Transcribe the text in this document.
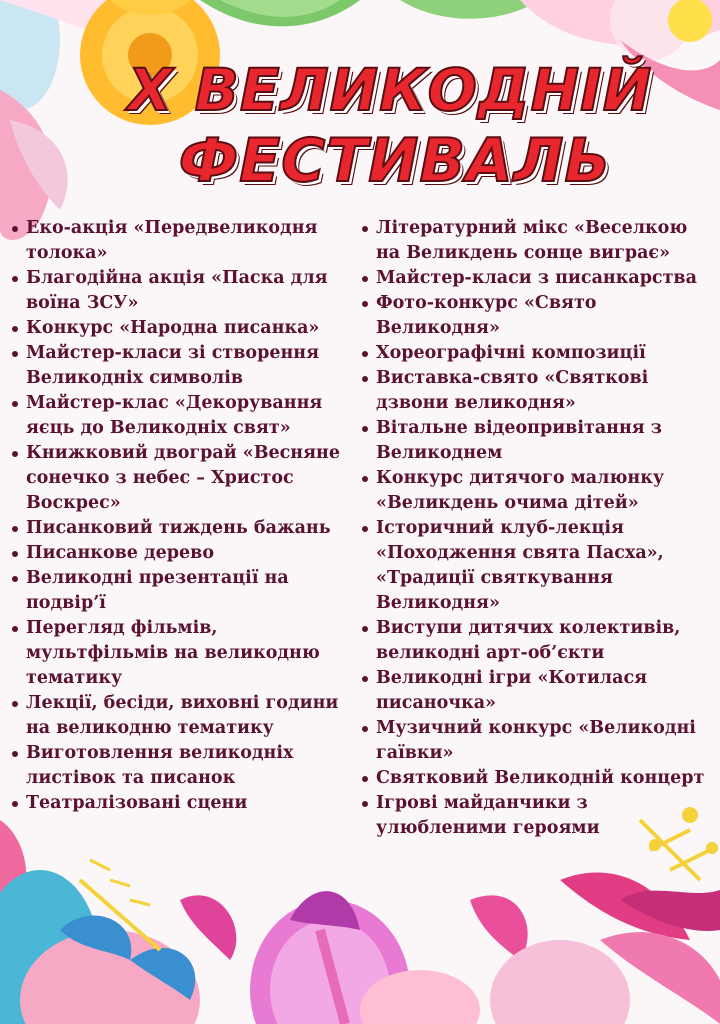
X ВЕЛИКОДНІЙ
ФЕСТИВАЛЬ
Еко-акція «Передвеликодня толока»
Благодійна акція «Паска для воїна ЗСУ»
Конкурс «Народна писанка»
Майстер-класи зі створення Великодніх символів
Майстер-клас «Декорування яєць до Великодніх свят»
Книжковий двограй «Весняне сонечко з небес – Христос Воскрес»
Писанковий тиждень бажань
Писанкове дерево
Великодні презентації на подвір’ї
Перегляд фільмів, мультфільмів на великодню тематику
Лекції, бесіди, виховні години на великодню тематику
Виготовлення великодніх листівок та писанок
Театралізовані сцени
Літературний мікс «Веселкою на Великдень сонце виграє»
Майстер-класи з писанкарства
Фото-конкурс «Свято Великодня»
Хореографічні композиції
Виставка-свято «Святкові дзвони великодня»
Вітальне відеопривітання з Великоднем
Конкурс дитячого малюнку «Великдень очима дітей»
Історичний клуб-лекція «Походження свята Пасха», «Традиції святкування Великодня»
Виступи дитячих колективів, великодні арт-об’єкти
Великодні ігри «Котилася писаночка»
Музичний конкурс «Великодні гаївки»
Святковий Великодній концерт
Ігрові майданчики з улюбленими героями
